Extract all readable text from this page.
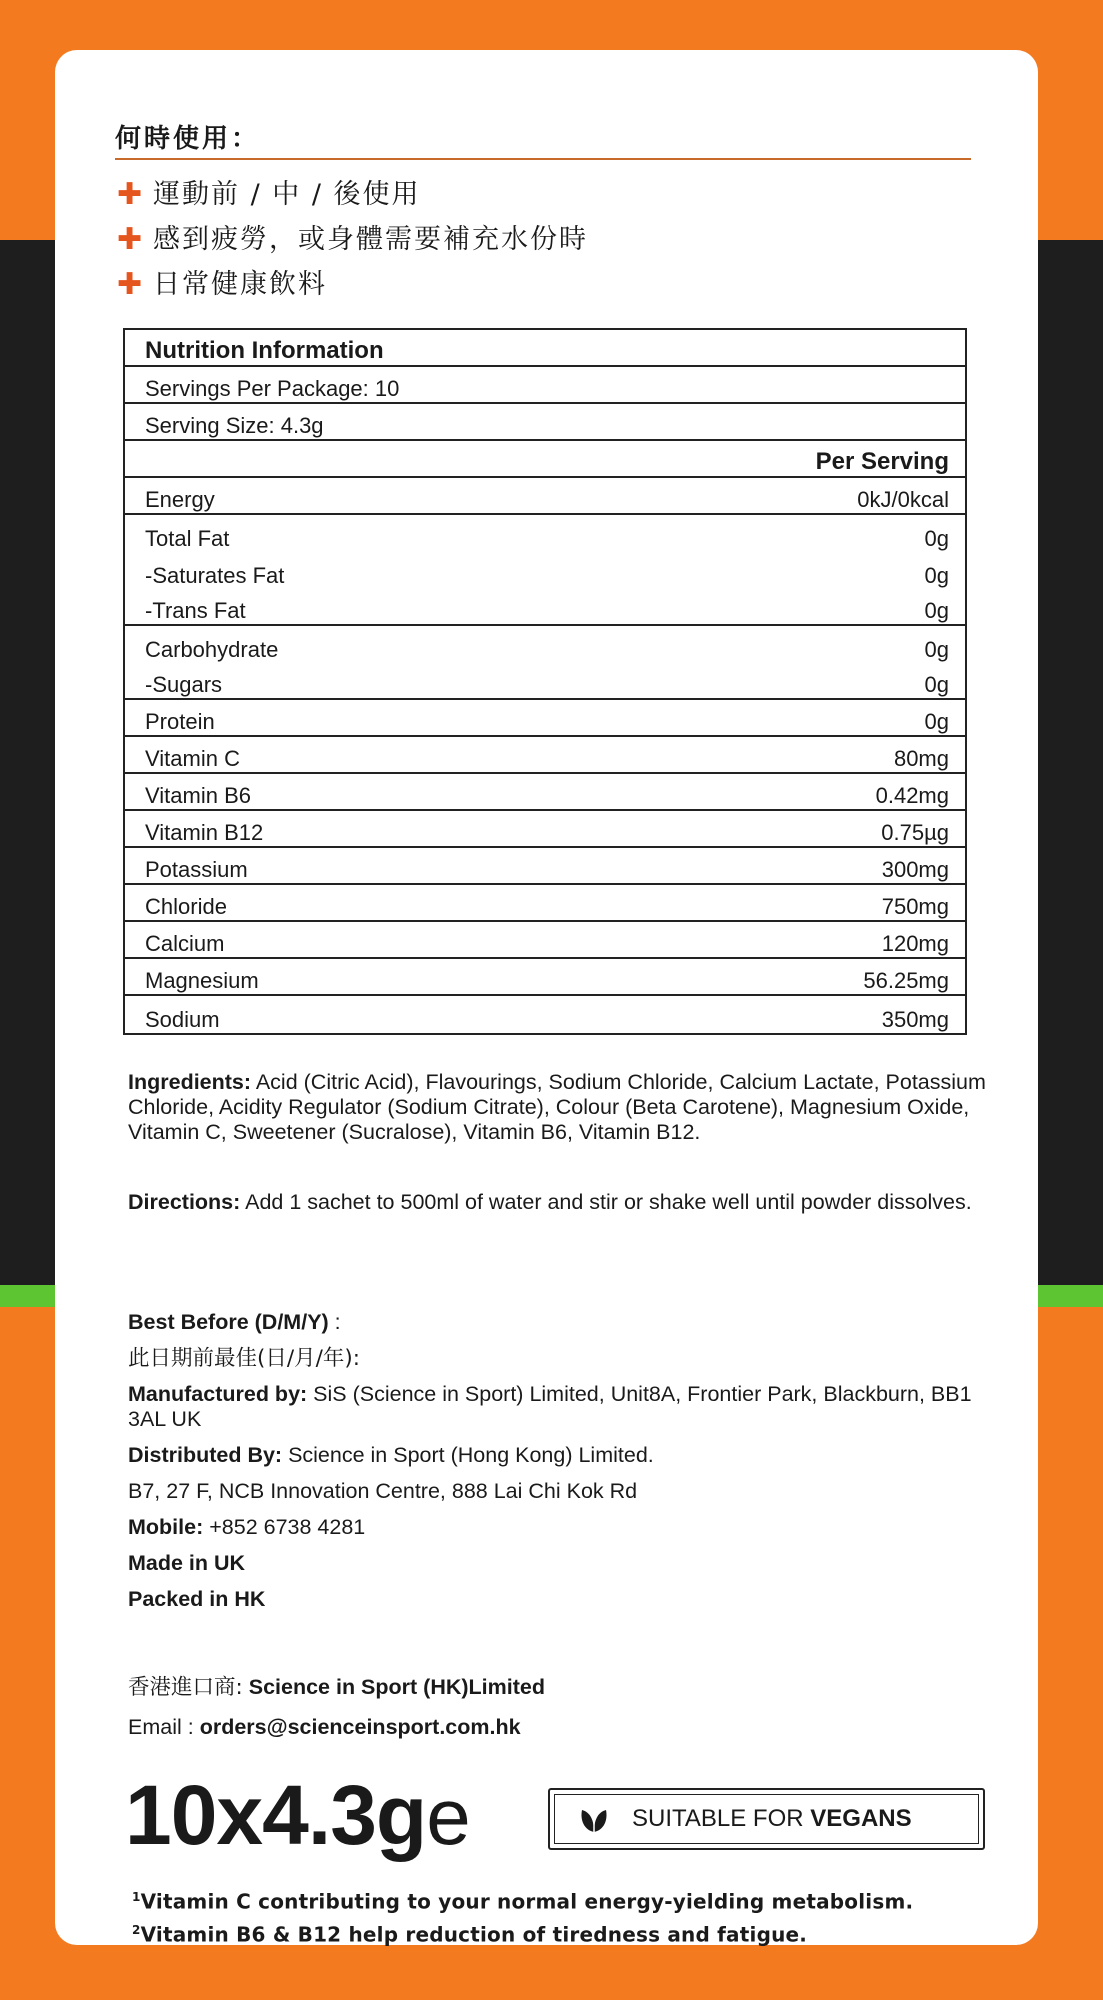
何時使用：
✚ 運動前 / 中 / 後使用
✚ 感到疲勞，或身體需要補充水份時
✚ 日常健康飲料
Nutrition Information
Servings Per Package: 10
Serving Size: 4.3g
Per Serving
Energy	0kJ/0kcal
Total Fat	0g
-Saturates Fat	0g
-Trans Fat	0g
Carbohydrate	0g
-Sugars	0g
Protein	0g
Vitamin C	80mg
Vitamin B6	0.42mg
Vitamin B12	0.75µg
Potassium	300mg
Chloride	750mg
Calcium	120mg
Magnesium	56.25mg
Sodium	350mg
Ingredients: Acid (Citric Acid), Flavourings, Sodium Chloride, Calcium Lactate, Potassium Chloride, Acidity Regulator (Sodium Citrate), Colour (Beta Carotene), Magnesium Oxide, Vitamin C, Sweetener (Sucralose), Vitamin B6, Vitamin B12.
Directions: Add 1 sachet to 500ml of water and stir or shake well until powder dissolves.
Best Before (D/M/Y) :
此日期前最佳(日/月/年):
Manufactured by: SiS (Science in Sport) Limited, Unit8A, Frontier Park, Blackburn, BB1 3AL UK
Distributed By: Science in Sport (Hong Kong) Limited.
B7, 27 F, NCB Innovation Centre, 888 Lai Chi Kok Rd
Mobile: +852 6738 4281
Made in UK
Packed in HK
香港進口商: Science in Sport (HK)Limited
Email : orders@scienceinsport.com.hk
10x4.3ge	SUITABLE FOR VEGANS
$^1$Vitamin C contributing to your normal energy-yielding metabolism.
$^2$Vitamin B6 & B12 help reduction of tiredness and fatigue.
